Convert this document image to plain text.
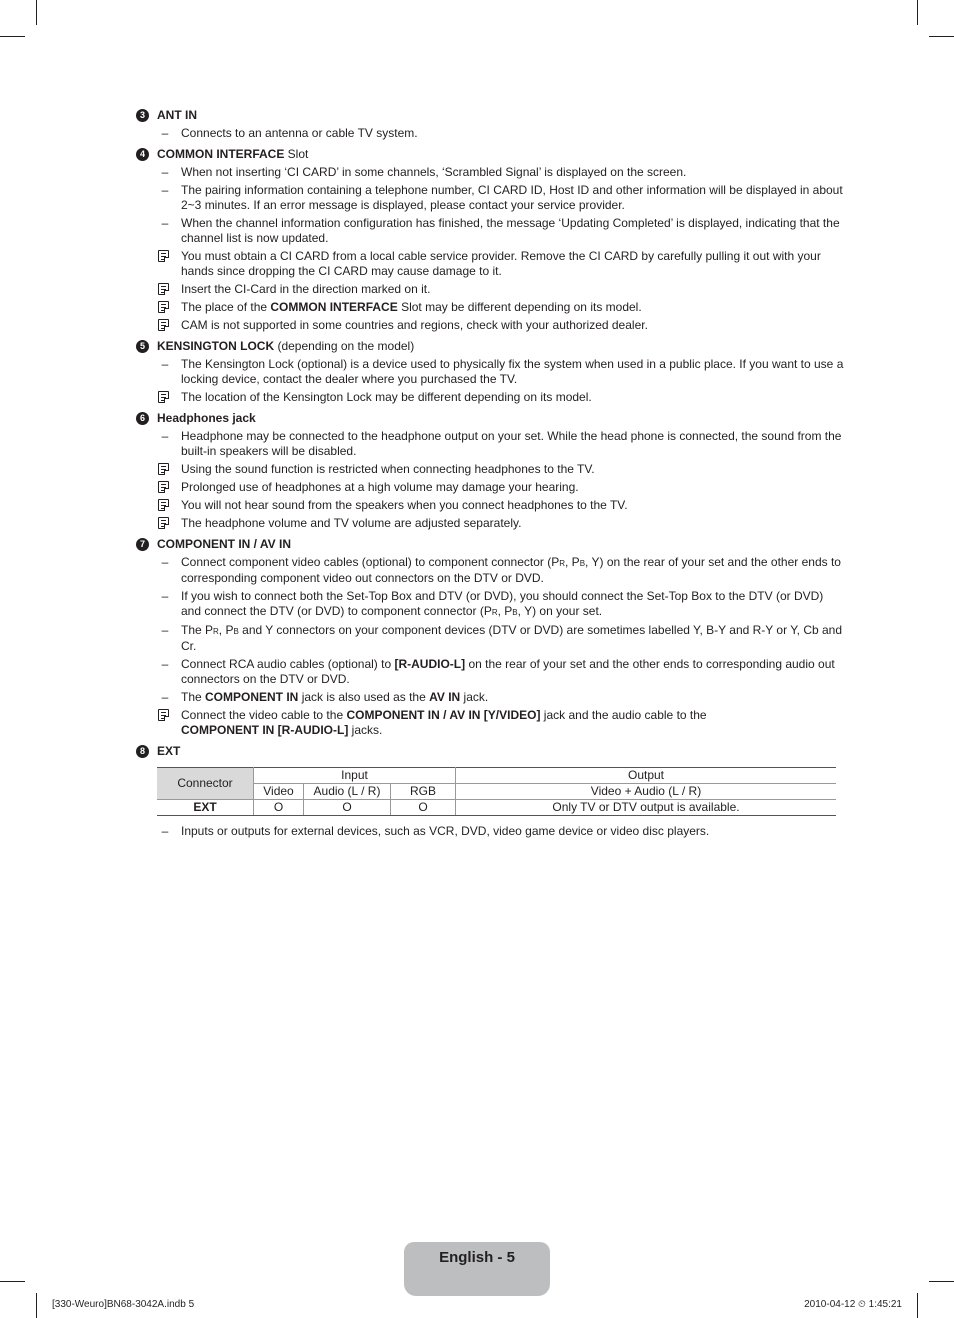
3	ANT IN
–	Connects to an antenna or cable TV system.
4	COMMON INTERFACE Slot
–	When not inserting ‘CI CARD’ in some channels, ‘Scrambled Signal’ is displayed on the screen.
–	The pairing information containing a telephone number, CI CARD ID, Host ID and other information will be displayed in about 2~3 minutes. If an error message is displayed, please contact your service provider.
–	When the channel information configuration has finished, the message ‘Updating Completed’ is displayed, indicating that the channel list is now updated.
You must obtain a CI CARD from a local cable service provider. Remove the CI CARD by carefully pulling it out with your hands since dropping the CI CARD may cause damage to it.
Insert the CI-Card in the direction marked on it.
The place of the COMMON INTERFACE Slot may be different depending on its model.
CAM is not supported in some countries and regions, check with your authorized dealer.
5	KENSINGTON LOCK (depending on the model)
–	The Kensington Lock (optional) is a device used to physically fix the system when used in a public place. If you want to use a locking device, contact the dealer where you purchased the TV.
The location of the Kensington Lock may be different depending on its model.
6	Headphones jack
–	Headphone may be connected to the headphone output on your set. While the head phone is connected, the sound from the built-in speakers will be disabled.
Using the sound function is restricted when connecting headphones to the TV.
Prolonged use of headphones at a high volume may damage your hearing.
You will not hear sound from the speakers when you connect headphones to the TV.
The headphone volume and TV volume are adjusted separately.
7	COMPONENT IN / AV IN
–	Connect component video cables (optional) to component connector (PR, PB, Y) on the rear of your set and the other ends to corresponding component video out connectors on the DTV or DVD.
–	If you wish to connect both the Set-Top Box and DTV (or DVD), you should connect the Set-Top Box to the DTV (or DVD) and connect the DTV (or DVD) to component connector (PR, PB, Y) on your set.
–	The PR, PB and Y connectors on your component devices (DTV or DVD) are sometimes labelled Y, B-Y and R-Y or Y, Cb and Cr.
–	Connect RCA audio cables (optional) to [R-AUDIO-L] on the rear of your set and the other ends to corresponding audio out connectors on the DTV or DVD.
–	The COMPONENT IN jack is also used as the AV IN jack.
Connect the video cable to the COMPONENT IN / AV IN [Y/VIDEO] jack and the audio cable to the
COMPONENT IN [R-AUDIO-L] jacks.
8	EXT
Connector	Input			Output
	Video	Audio (L / R)	RGB	Video + Audio (L / R)
EXT	O	O	O	Only TV or DTV output is available.
–	Inputs or outputs for external devices, such as VCR, DVD, video game device or video disc players.
English - 5
[330-Weuro]BN68-3042A.indb 5	2010-04-12 ⏲ 1:45:21
